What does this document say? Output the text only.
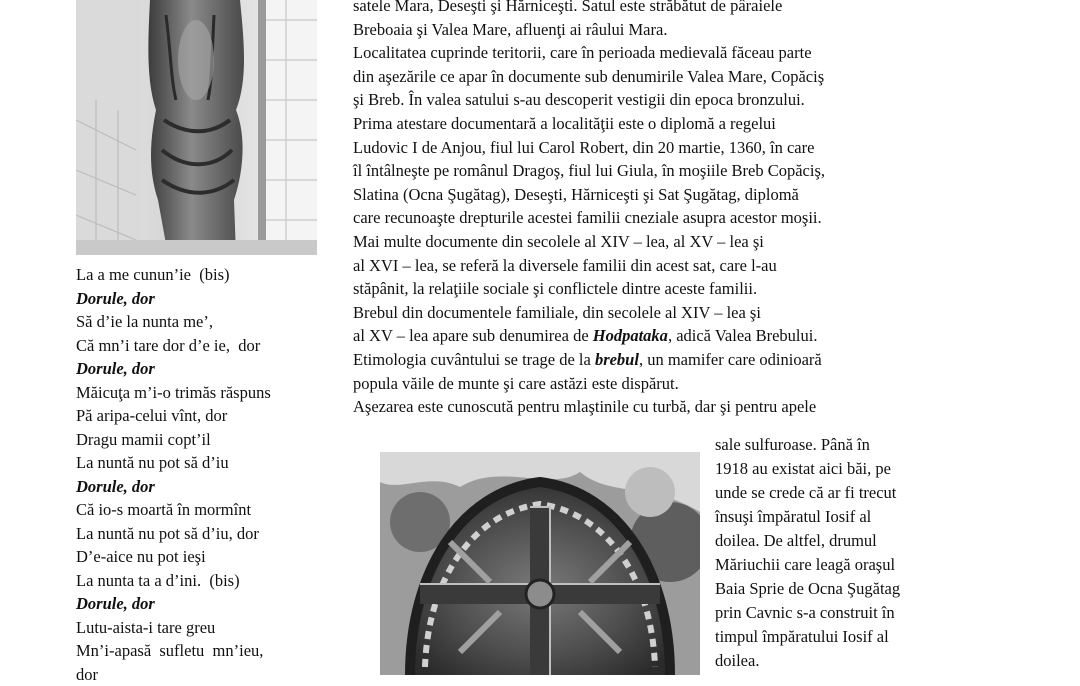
La a me cunun’ie  (bis)

Dorule, dor

Să d’ie la nunta me’,

Că mn’i tare dor d’e ie,  dor

Dorule, dor

Măicuţa m’i-o trimăs răspuns

Pă aripa-celui vînt, dor

Dragu mamii copt’il

La nuntă nu pot să d’iu

Dorule, dor

Că io-s moartă în mormînt

La nuntă nu pot să d’iu, dor

D’e-aice nu pot ieşi

La nunta ta a d’ini.  (bis)

Dorule, dor

Lutu-aista-i tare greu

Mn’i-apasă  sufletu  mn’ieu,

dor

satele Mara, Deseşti şi Hărniceşti. Satul este străbătut de pâraiele

Breboaia şi Valea Mare, afluenţi ai râului Mara.

Localitatea cuprinde teritorii, care în perioada medievală făceau parte

din aşezările ce apar în documente sub denumirile Valea Mare, Copăciş

şi Breb. În valea satului s-au descoperit vestigii din epoca bronzului.

Prima atestare documentară a localităţii este o diplomă a regelui

Ludovic I de Anjou, fiul lui Carol Robert, din 20 martie, 1360, în care

îl întâlneşte pe românul Dragoş, fiul lui Giula, în moşiile Breb Copăciş,

Slatina (Ocna Şugătag), Deseşti, Hărniceşti şi Sat Şugătag, diplomă

care recunoaşte drepturile acestei familii cneziale asupra acestor moşii.

Mai multe documente din secolele al XIV – lea, al XV – lea şi

al XVI – lea, se referă la diversele familii din acest sat, care l-au

stăpânit, la relaţiile sociale şi conflictele dintre aceste familii.

Brebul din documentele familiale, din secolele al XIV – lea şi

al XV – lea apare sub denumirea de Hodpataka, adică Valea Brebului.

Etimologia cuvântului se trage de la brebul, un mamifer care odinioară

popula văile de munte şi care astăzi este dispărut.

Aşezarea este cunoscută pentru mlaştinile cu turbă, dar şi pentru apele

sale sulfuroase. Până în

1918 au existat aici băi, pe

unde se crede că ar fi trecut

însuşi împăratul Iosif al

doilea. De altfel, drumul

Măriuchii care leagă oraşul

Baia Sprie de Ocna Şugătag

prin Cavnic s-a construit în

timpul împăratului Iosif al

doilea.
